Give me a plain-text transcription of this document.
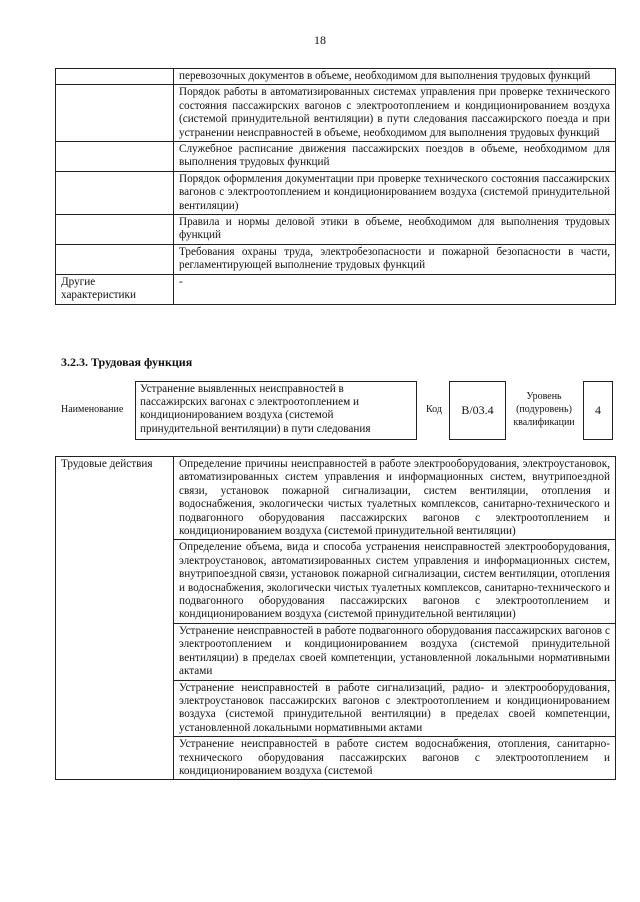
18
	перевозочных документов в объеме, необходимом для выполнения трудовых функций
	Порядок работы в автоматизированных системах управления при проверке технического состояния пассажирских вагонов с электроотоплением и кондиционированием воздуха (системой принудительной вентиляции) в пути следования пассажирского поезда и при устранении неисправностей в объеме, необходимом для выполнения трудовых функций
	Служебное расписание движения пассажирских поездов в объеме, необходимом для выполнения трудовых функций
	Порядок оформления документации при проверке технического состояния пассажирских вагонов с электроотоплением и кондиционированием воздуха (системой принудительной вентиляции)
	Правила и нормы деловой этики в объеме, необходимом для выполнения трудовых функций
	Требования охраны труда, электробезопасности и пожарной безопасности в части, регламентирующей выполнение трудовых функций
Другие характеристики	-
3.2.3. Трудовая функция
Наименование
Устранение выявленных неисправностей в пассажирских вагонах с электроотоплением и кондиционированием воздуха (системой принудительной вентиляции) в пути следования
Код	В/03.4
Уровень (подуровень) квалификации
4
Трудовые действия	Определение причины неисправностей в работе электрооборудования, электроустановок, автоматизированных систем управления и информационных систем, внутрипоездной связи, установок пожарной сигнализации, систем вентиляции, отопления и водоснабжения, экологически чистых туалетных комплексов, санитарно-технического и подвагонного оборудования пассажирских вагонов с электроотоплением и кондиционированием воздуха (системой принудительной вентиляции)
Определение объема, вида и способа устранения неисправностей электрооборудования, электроустановок, автоматизированных систем управления и информационных систем, внутрипоездной связи, установок пожарной сигнализации, систем вентиляции, отопления и водоснабжения, экологически чистых туалетных комплексов, санитарно-технического и подвагонного оборудования пассажирских вагонов с электроотоплением и кондиционированием воздуха (системой принудительной вентиляции)
Устранение неисправностей в работе подвагонного оборудования пассажирских вагонов с электроотоплением и кондиционированием воздуха (системой принудительной вентиляции) в пределах своей компетенции, установленной локальными нормативными актами
Устранение неисправностей в работе сигнализаций, радио- и электрооборудования, электроустановок пассажирских вагонов с электроотоплением и кондиционированием воздуха (системой принудительной вентиляции) в пределах своей компетенции, установленной локальными нормативными актами
Устранение неисправностей в работе систем водоснабжения, отопления, санитарно-технического оборудования пассажирских вагонов с электроотоплением и кондиционированием воздуха (системой
